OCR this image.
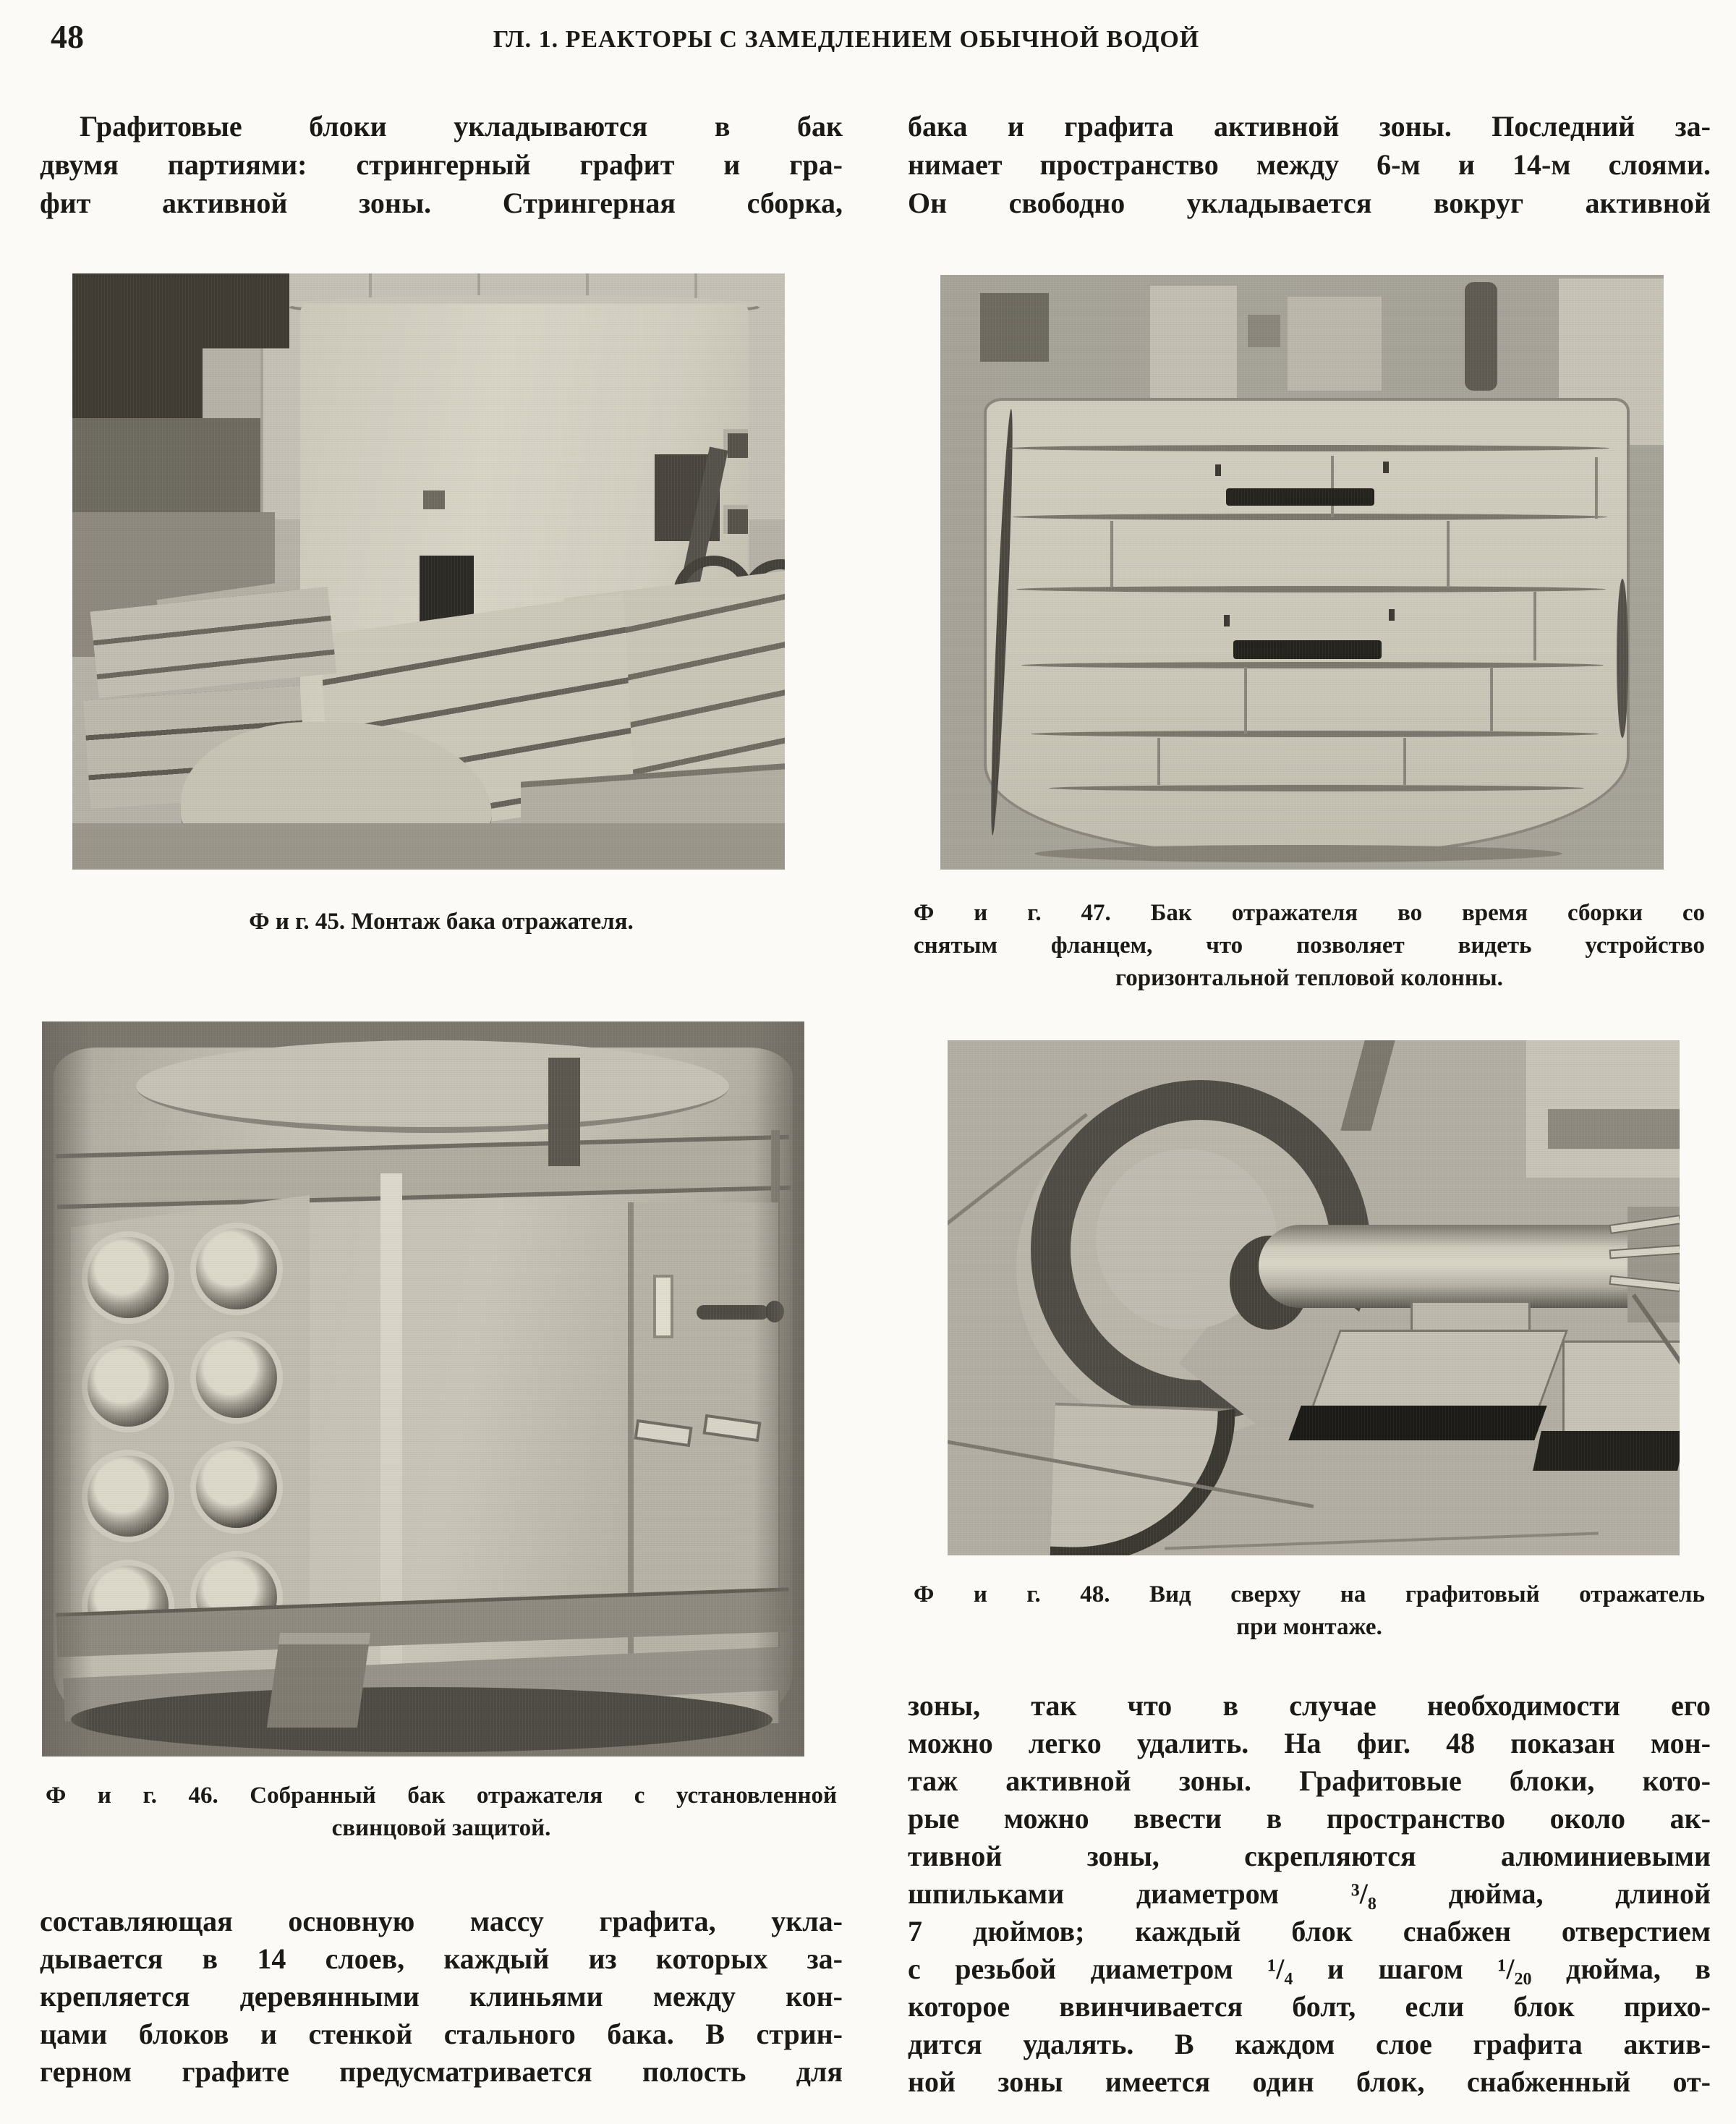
48	ГЛ. 1. РЕАКТОРЫ С ЗАМЕДЛЕНИЕМ ОБЫЧНОЙ ВОДОЙ
Графитовые блоки укладываются в бак
двумя партиями: стрингерный графит и гра-
фит активной зоны. Стрингерная сборка,
Ф и г. 45. Монтаж бака отражателя.
Ф и г. 46. Собранный бак отражателя с установленной
свинцовой защитой.
составляющая основную массу графита, укла-
дывается в 14 слоев, каждый из которых за-
крепляется деревянными клиньями между кон-
цами блоков и стенкой стального бака. В стрин-
герном графите предусматривается полость для
бака и графита активной зоны. Последний за-
нимает пространство между 6-м и 14-м слоями.
Он свободно укладывается вокруг активной
Ф и г. 47. Бак отражателя во время сборки со
снятым фланцем, что позволяет видеть устройство
горизонтальной тепловой колонны.
Ф и г. 48. Вид сверху на графитовый отражатель
при монтаже.
зоны, так что в случае необходимости его
можно легко удалить. На фиг. 48 показан мон-
таж активной зоны. Графитовые блоки, кото-
рые можно ввести в пространство около ак-
тивной зоны, скрепляются алюминиевыми
шпильками диаметром ³/₈ дюйма, длиной
7 дюймов; каждый блок снабжен отверстием
с резьбой диаметром ¹/₄ и шагом ¹/₂₀ дюйма, в
которое ввинчивается болт, если блок прихо-
дится удалять. В каждом слое графита актив-
ной зоны имеется один блок, снабженный от-
